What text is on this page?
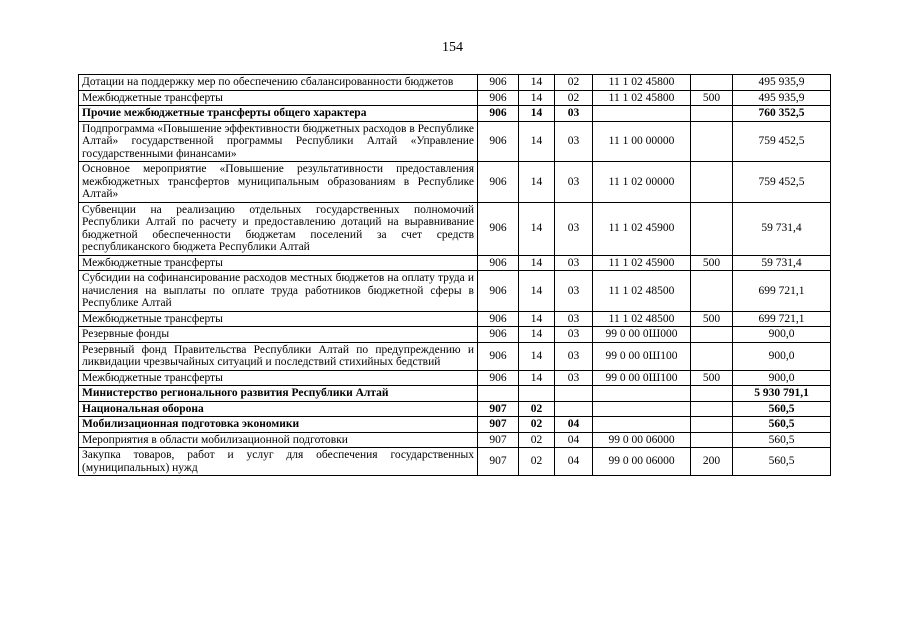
154
Дотации на поддержку мер по обеспечению сбалансированности бюджетов	906	14	02	11 1 02 45800		495 935,9
Межбюджетные трансферты	906	14	02	11 1 02 45800	500	495 935,9
Прочие межбюджетные трансферты общего характера	906	14	03			760 352,5
Подпрограмма «Повышение эффективности бюджетных расходов в Республике Алтай» государственной программы Республики Алтай «Управление государственными финансами»	906	14	03	11 1 00 00000		759 452,5
Основное мероприятие «Повышение результативности предоставления межбюджетных трансфертов муниципальным образованиям в Республике Алтай»	906	14	03	11 1 02 00000		759 452,5
Субвенции на реализацию отдельных государственных полномочий Республики Алтай по расчету и предоставлению дотаций на выравнивание бюджетной обеспеченности бюджетам поселений за счет средств республиканского бюджета Республики Алтай	906	14	03	11 1 02 45900		59 731,4
Межбюджетные трансферты	906	14	03	11 1 02 45900	500	59 731,4
Субсидии на софинансирование расходов местных бюджетов на оплату труда и начисления на выплаты по оплате труда работников бюджетной сферы в Республике Алтай	906	14	03	11 1 02 48500		699 721,1
Межбюджетные трансферты	906	14	03	11 1 02 48500	500	699 721,1
Резервные фонды	906	14	03	99 0 00 0Ш000		900,0
Резервный фонд Правительства Республики Алтай по предупреждению и ликвидации чрезвычайных ситуаций и последствий стихийных бедствий	906	14	03	99 0 00 0Ш100		900,0
Межбюджетные трансферты	906	14	03	99 0 00 0Ш100	500	900,0
Министерство регионального развития Республики Алтай						5 930 791,1
Национальная оборона	907	02				560,5
Мобилизационная подготовка экономики	907	02	04			560,5
Мероприятия в области мобилизационной подготовки	907	02	04	99 0 00 06000		560,5
Закупка товаров, работ и услуг для обеспечения государственных (муниципальных) нужд	907	02	04	99 0 00 06000	200	560,5
